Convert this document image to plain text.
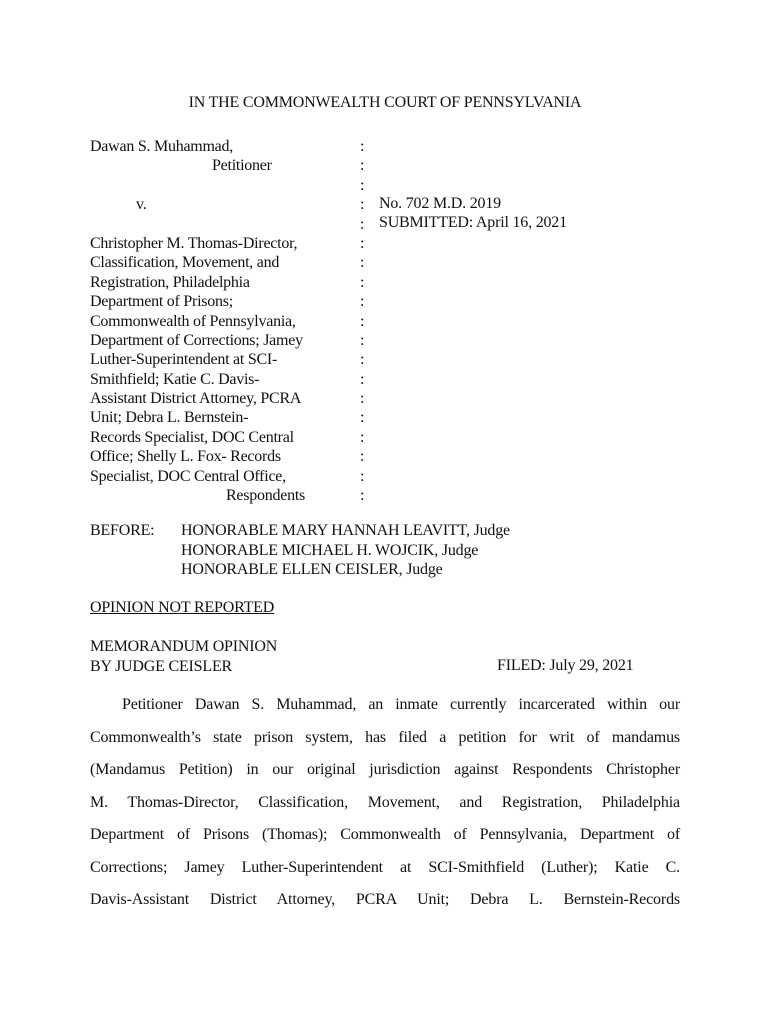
IN THE COMMONWEALTH COURT OF PENNSYLVANIA
Dawan S. Muhammad,
Petitioner
v.
Christopher M. Thomas-Director,
Classification, Movement, and
Registration, Philadelphia
Department of Prisons;
Commonwealth of Pennsylvania,
Department of Corrections; Jamey
Luther-Superintendent at SCI-
Smithfield; Katie C. Davis-
Assistant District Attorney, PCRA
Unit; Debra L. Bernstein-
Records Specialist, DOC Central
Office; Shelly L. Fox- Records
Specialist, DOC Central Office,
Respondents
:
:
:
:
:
:
:
:
:
:
:
:
:
:
:
:
:
:
:
No. 702 M.D. 2019
SUBMITTED: April 16, 2021
BEFORE: HONORABLE MARY HANNAH LEAVITT, Judge
HONORABLE MICHAEL H. WOJCIK, Judge
HONORABLE ELLEN CEISLER, Judge
OPINION NOT REPORTED
MEMORANDUM OPINION
BY JUDGE CEISLER	FILED: July 29, 2021
Petitioner Dawan S. Muhammad, an inmate currently incarcerated within our
Commonwealth’s state prison system, has filed a petition for writ of mandamus
(Mandamus Petition) in our original jurisdiction against Respondents Christopher
M. Thomas-Director, Classification, Movement, and Registration, Philadelphia
Department of Prisons (Thomas); Commonwealth of Pennsylvania, Department of
Corrections; Jamey Luther-Superintendent at SCI-Smithfield (Luther); Katie C.
Davis-Assistant District Attorney, PCRA Unit; Debra L. Bernstein-Records
